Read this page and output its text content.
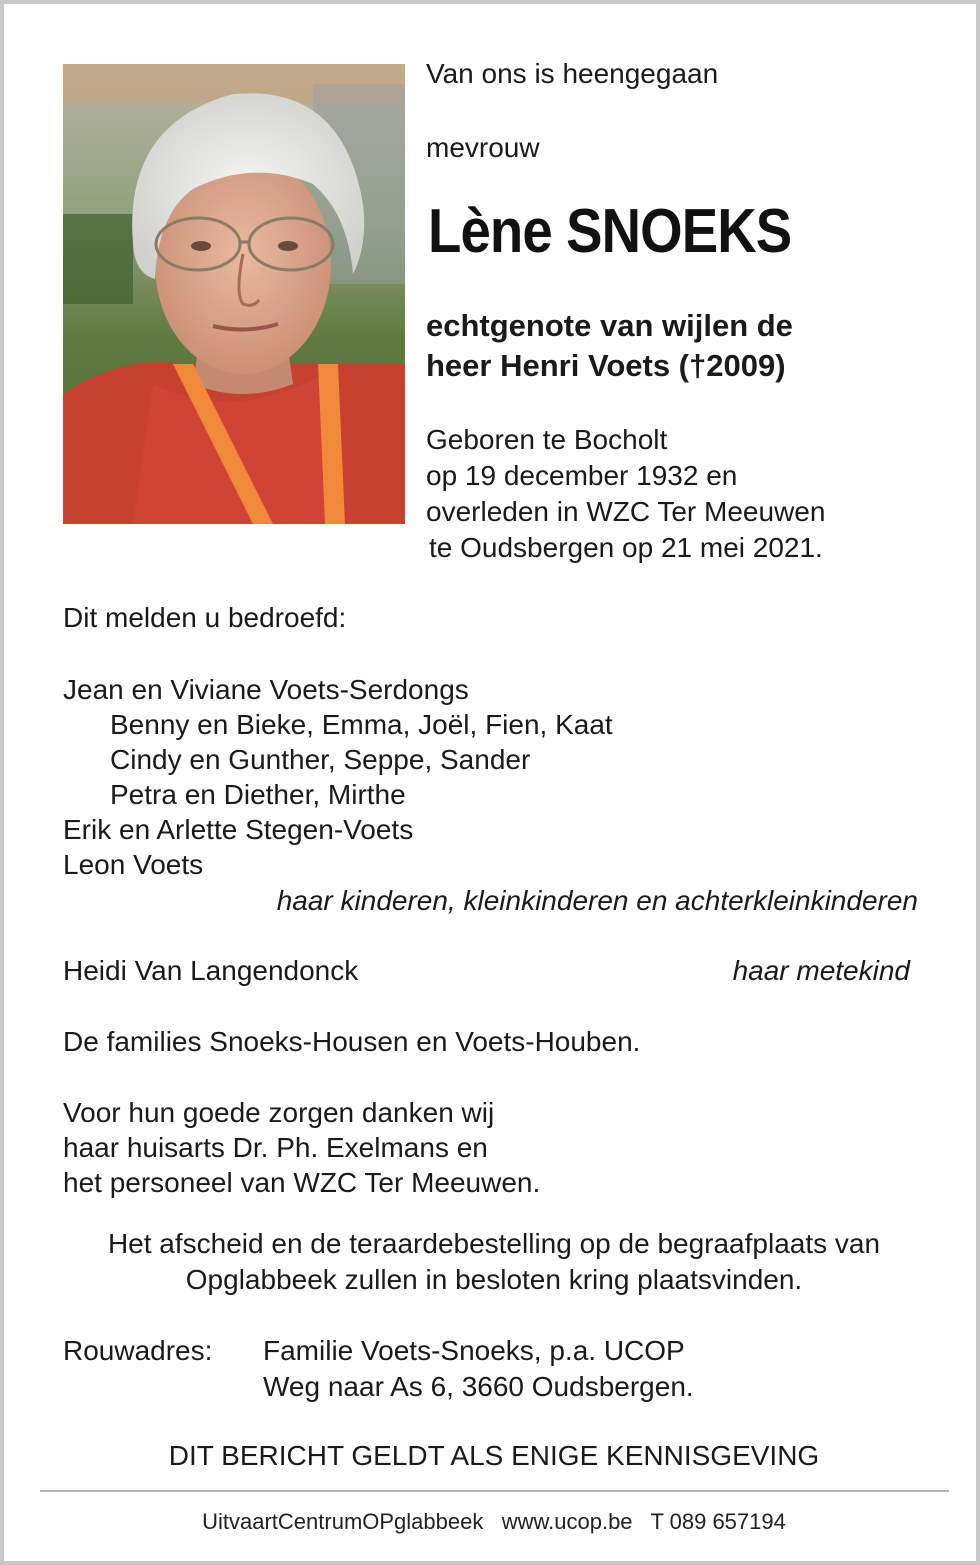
Van ons is heengegaan
mevrouw
Lène SNOEKS
echtgenote van wijlen de
heer Henri Voets (†2009)
Geboren te Bocholt
op 19 december 1932 en
overleden in WZC Ter Meeuwen
te Oudsbergen op 21 mei 2021.
Dit melden u bedroefd:
Jean en Viviane Voets-Serdongs
Benny en Bieke, Emma, Joël, Fien, Kaat
Cindy en Gunther, Seppe, Sander
Petra en Diether, Mirthe
Erik en Arlette Stegen-Voets
Leon Voets
haar kinderen, kleinkinderen en achterkleinkinderen
Heidi Van Langendonck	haar metekind
De families Snoeks-Housen en Voets-Houben.
Voor hun goede zorgen danken wij
haar huisarts Dr. Ph. Exelmans en
het personeel van WZC Ter Meeuwen.
Het afscheid en de teraardebestelling op de begraafplaats van
Opglabbeek zullen in besloten kring plaatsvinden.
Rouwadres: Familie Voets-Snoeks, p.a. UCOP
Weg naar As 6, 3660 Oudsbergen.
DIT BERICHT GELDT ALS ENIGE KENNISGEVING
UitvaartCentrumOPglabbeek   www.ucop.be   T 089 657194
